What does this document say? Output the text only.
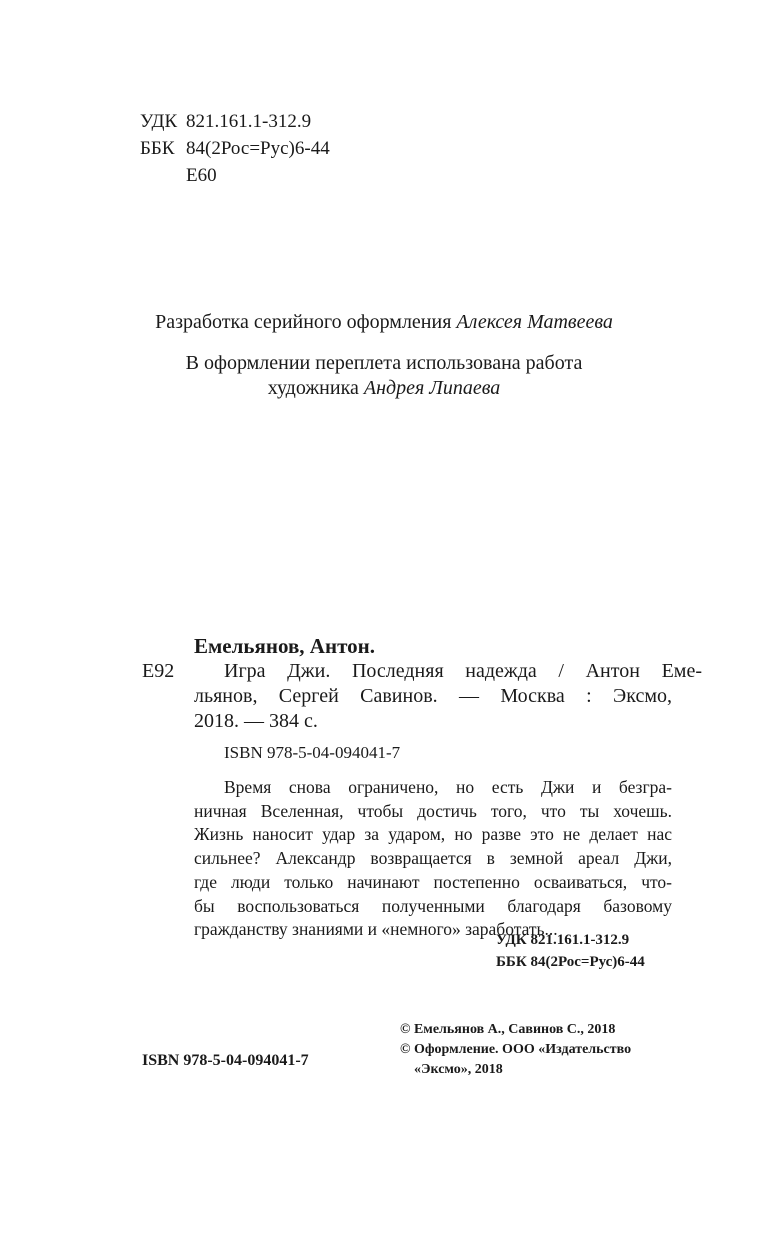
УДК 821.161.1-312.9
ББК 84(2Рос=Рус)6-44
Е60
Разработка серийного оформления Алексея Матвеева
В оформлении переплета использована работа
художника Андрея Липаева
Емельянов, Антон.
Е92 Игра Джи. Последняя надежда / Антон Еме-
льянов, Сергей Савинов. — Москва : Эксмо,
2018. — 384 с.
ISBN 978-5-04-094041-7
Время снова ограничено, но есть Джи и безгра-
ничная Вселенная, чтобы достичь того, что ты хочешь.
Жизнь наносит удар за ударом, но разве это не делает нас
сильнее? Александр возвращается в земной ареал Джи,
где люди только начинают постепенно осваиваться, что-
бы воспользоваться полученными благодаря базовому
гражданству знаниями и «немного» заработать...
УДК 821.161.1-312.9
ББК 84(2Рос=Рус)6-44
ISBN 978-5-04-094041-7
© Емельянов А., Савинов С., 2018
© Оформление. ООО «Издательство
«Эксмо», 2018
